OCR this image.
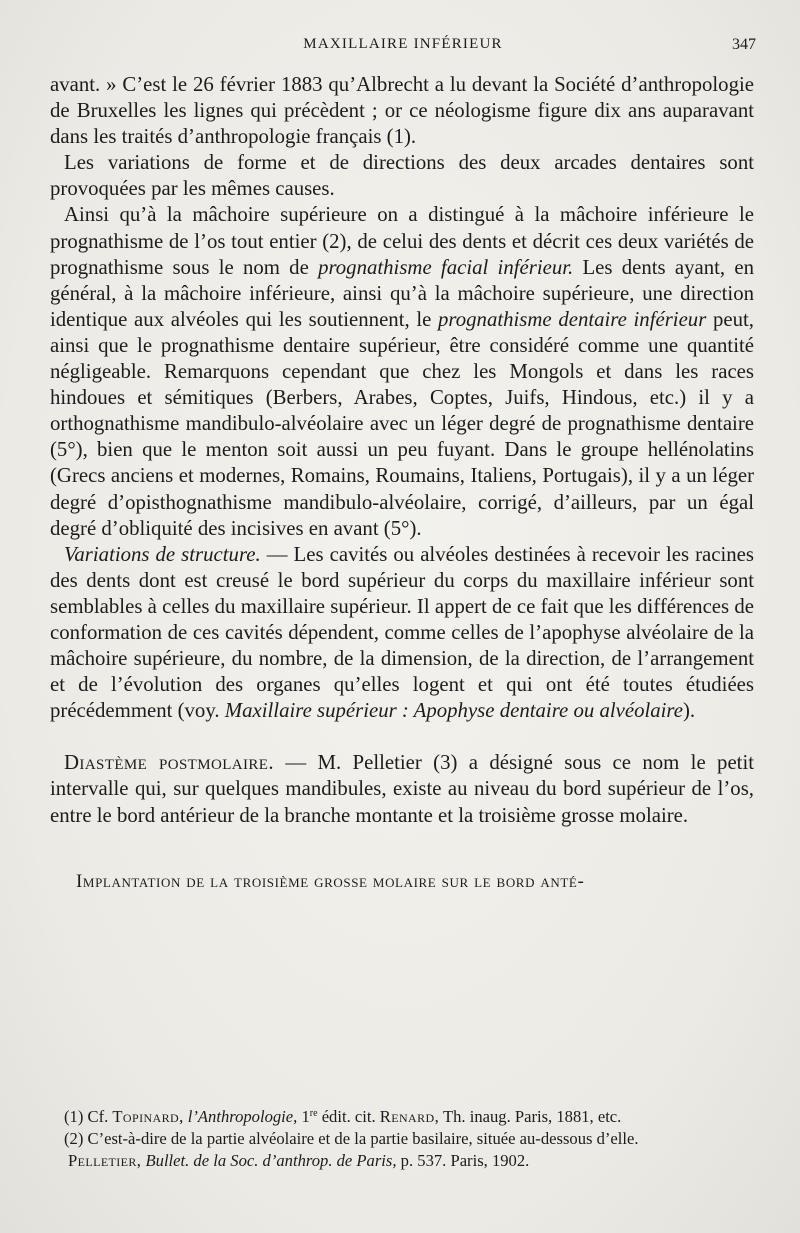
MAXILLAIRE INFÉRIEUR	347

avant. » C’est le 26 février 1883 qu’Albrecht a lu devant la Société d’anthropologie de Bruxelles les lignes qui précèdent ; or ce néologisme figure dix ans auparavant dans les traités d’anthropologie français (1).

Les variations de forme et de directions des deux arcades dentaires sont provoquées par les mêmes causes.

Ainsi qu’à la mâchoire supérieure on a distingué à la mâchoire inférieure le prognathisme de l’os tout entier (2), de celui des dents et décrit ces deux variétés de prognathisme sous le nom de prognathisme facial inférieur. Les dents ayant, en général, à la mâchoire inférieure, ainsi qu’à la mâchoire supérieure, une direction identique aux alvéoles qui les soutiennent, le prognathisme dentaire inférieur peut, ainsi que le prognathisme dentaire supérieur, être considéré comme une quantité négligeable. Remarquons cependant que chez les Mongols et dans les races hindoues et sémitiques (Berbers, Arabes, Coptes, Juifs, Hindous, etc.) il y a orthognathisme mandibulo-alvéolaire avec un léger degré de prognathisme dentaire (5°), bien que le menton soit aussi un peu fuyant. Dans le groupe hellénolatins (Grecs anciens et modernes, Romains, Roumains, Italiens, Portugais), il y a un léger degré d’opisthognathisme mandibulo-alvéolaire, corrigé, d’ailleurs, par un égal degré d’obliquité des incisives en avant (5°).

Variations de structure. — Les cavités ou alvéoles destinées à recevoir les racines des dents dont est creusé le bord supérieur du corps du maxillaire inférieur sont semblables à celles du maxillaire supérieur. Il appert de ce fait que les différences de conformation de ces cavités dépendent, comme celles de l’apophyse alvéolaire de la mâchoire supérieure, du nombre, de la dimension, de la direction, de l’arrangement et de l’évolution des organes qu’elles logent et qui ont été toutes étudiées précédemment (voy. Maxillaire supérieur : Apophyse dentaire ou alvéolaire).

Diastème postmolaire. — M. Pelletier (3) a désigné sous ce nom le petit intervalle qui, sur quelques mandibules, existe au niveau du bord supérieur de l’os, entre le bord antérieur de la branche montante et la troisième grosse molaire.

Implantation de la troisième grosse molaire sur le bord anté-

(1) Cf. Topinard, l’Anthropologie, 1re édit. cit. Renard, Th. inaug. Paris, 1881, etc.

(2) C’est-à-dire de la partie alvéolaire et de la partie basilaire, située au-dessous d’elle.

Pelletier, Bullet. de la Soc. d’anthrop. de Paris, p. 537. Paris, 1902.
